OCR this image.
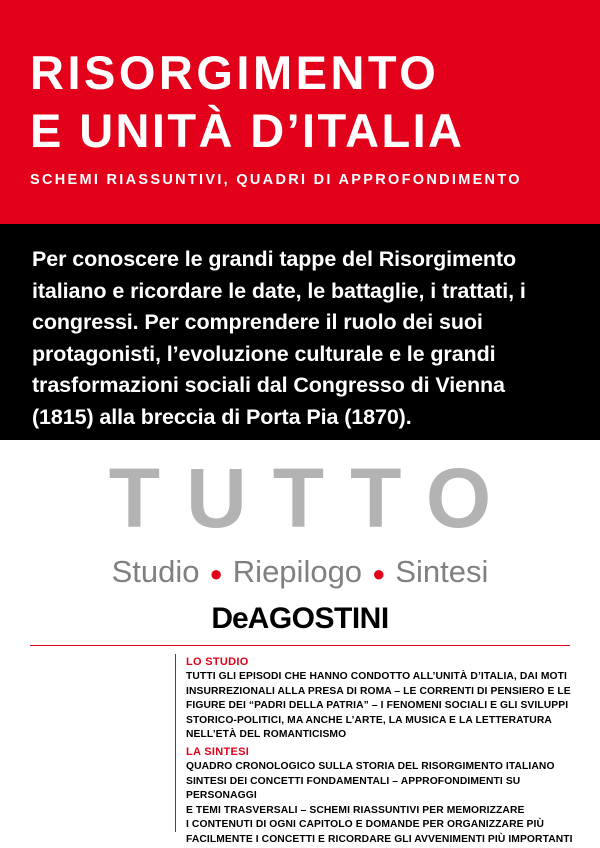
RISORGIMENTO
E UNITÀ D’ITALIA
SCHEMI RIASSUNTIVI, QUADRI DI APPROFONDIMENTO

Per conoscere le grandi tappe del Risorgimento italiano e ricordare le date, le battaglie, i trattati, i congressi. Per comprendere il ruolo dei suoi protagonisti, l’evoluzione culturale e le grandi trasformazioni sociali dal Congresso di Vienna (1815) alla breccia di Porta Pia (1870).

TUTTO
Studio ● Riepilogo ● Sintesi
DeAGOSTINI
LO STUDIO
TUTTI GLI EPISODI CHE HANNO CONDOTTO ALL’UNITÀ D’ITALIA, DAI MOTI
INSURREZIONALI ALLA PRESA DI ROMA – LE CORRENTI DI PENSIERO E LE
FIGURE DEI “PADRI DELLA PATRIA” – I FENOMENI SOCIALI E GLI SVILUPPI
STORICO-POLITICI, MA ANCHE L’ARTE, LA MUSICA E LA LETTERATURA
NELL’ETÀ DEL ROMANTICISMO
LA SINTESI
QUADRO CRONOLOGICO SULLA STORIA DEL RISORGIMENTO ITALIANO
SINTESI DEI CONCETTI FONDAMENTALI – APPROFONDIMENTI SU PERSONAGGI
E TEMI TRASVERSALI – SCHEMI RIASSUNTIVI PER MEMORIZZARE
I CONTENUTI DI OGNI CAPITOLO E DOMANDE PER ORGANIZZARE PIÙ
FACILMENTE I CONCETTI E RICORDARE GLI AVVENIMENTI PIÙ IMPORTANTI
